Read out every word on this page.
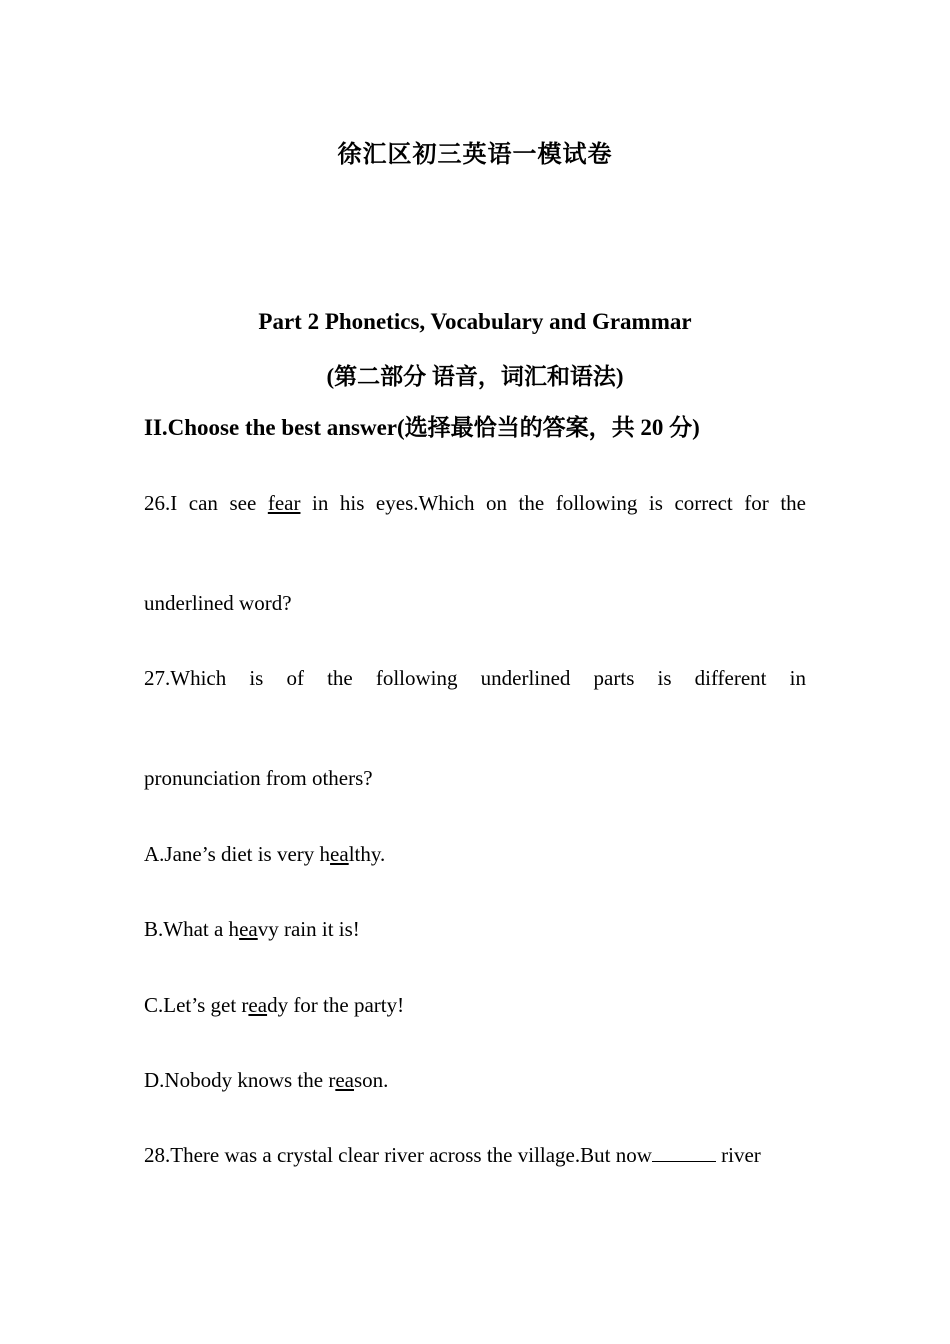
徐汇区初三英语一模试卷
Part 2 Phonetics, Vocabulary and Grammar
(第二部分 语音，词汇和语法)
II.Choose the best answer(选择最恰当的答案，共 20 分)
26.I can see fear in his eyes.Which on the following is correct for the
underlined word?
27.Which is of the following underlined parts is different in
pronunciation from others?
A.Jane’s diet is very healthy.
B.What a heavy rain it is!
C.Let’s get ready for the party!
D.Nobody knows the reason.
28.There was a crystal clear river across the village.But now	river
